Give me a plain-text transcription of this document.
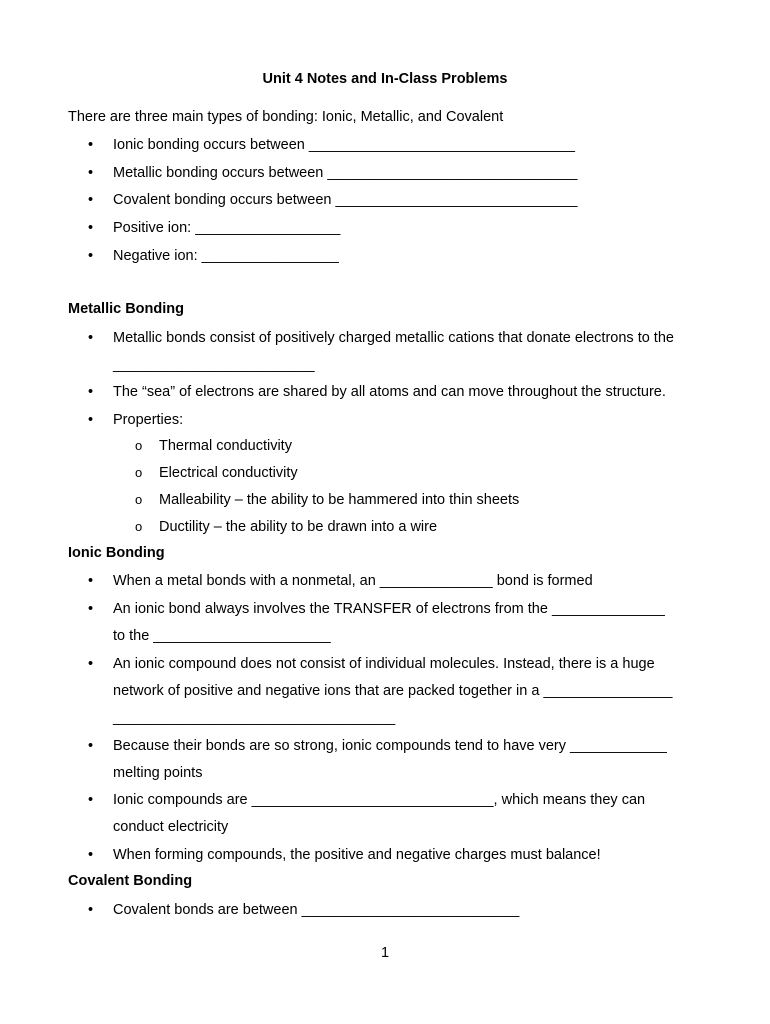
Unit 4 Notes and In-Class Problems
There are three main types of bonding: Ionic, Metallic, and Covalent
• Ionic bonding occurs between _________________________________
• Metallic bonding occurs between _______________________________
• Covalent bonding occurs between ______________________________
• Positive ion: __________________
• Negative ion: _________________
Metallic Bonding
• Metallic bonds consist of positively charged metallic cations that donate electrons to the
_________________________
• The “sea” of electrons are shared by all atoms and can move throughout the structure.
• Properties:
o Thermal conductivity
o Electrical conductivity
o Malleability – the ability to be hammered into thin sheets
o Ductility – the ability to be drawn into a wire
Ionic Bonding
• When a metal bonds with a nonmetal, an ______________ bond is formed
• An ionic bond always involves the TRANSFER of electrons from the ______________
to the ______________________
• An ionic compound does not consist of individual molecules. Instead, there is a huge
network of positive and negative ions that are packed together in a ________________
___________________________________
• Because their bonds are so strong, ionic compounds tend to have very ____________
melting points
• Ionic compounds are ______________________________, which means they can
conduct electricity
• When forming compounds, the positive and negative charges must balance!
Covalent Bonding
• Covalent bonds are between ___________________________
1
